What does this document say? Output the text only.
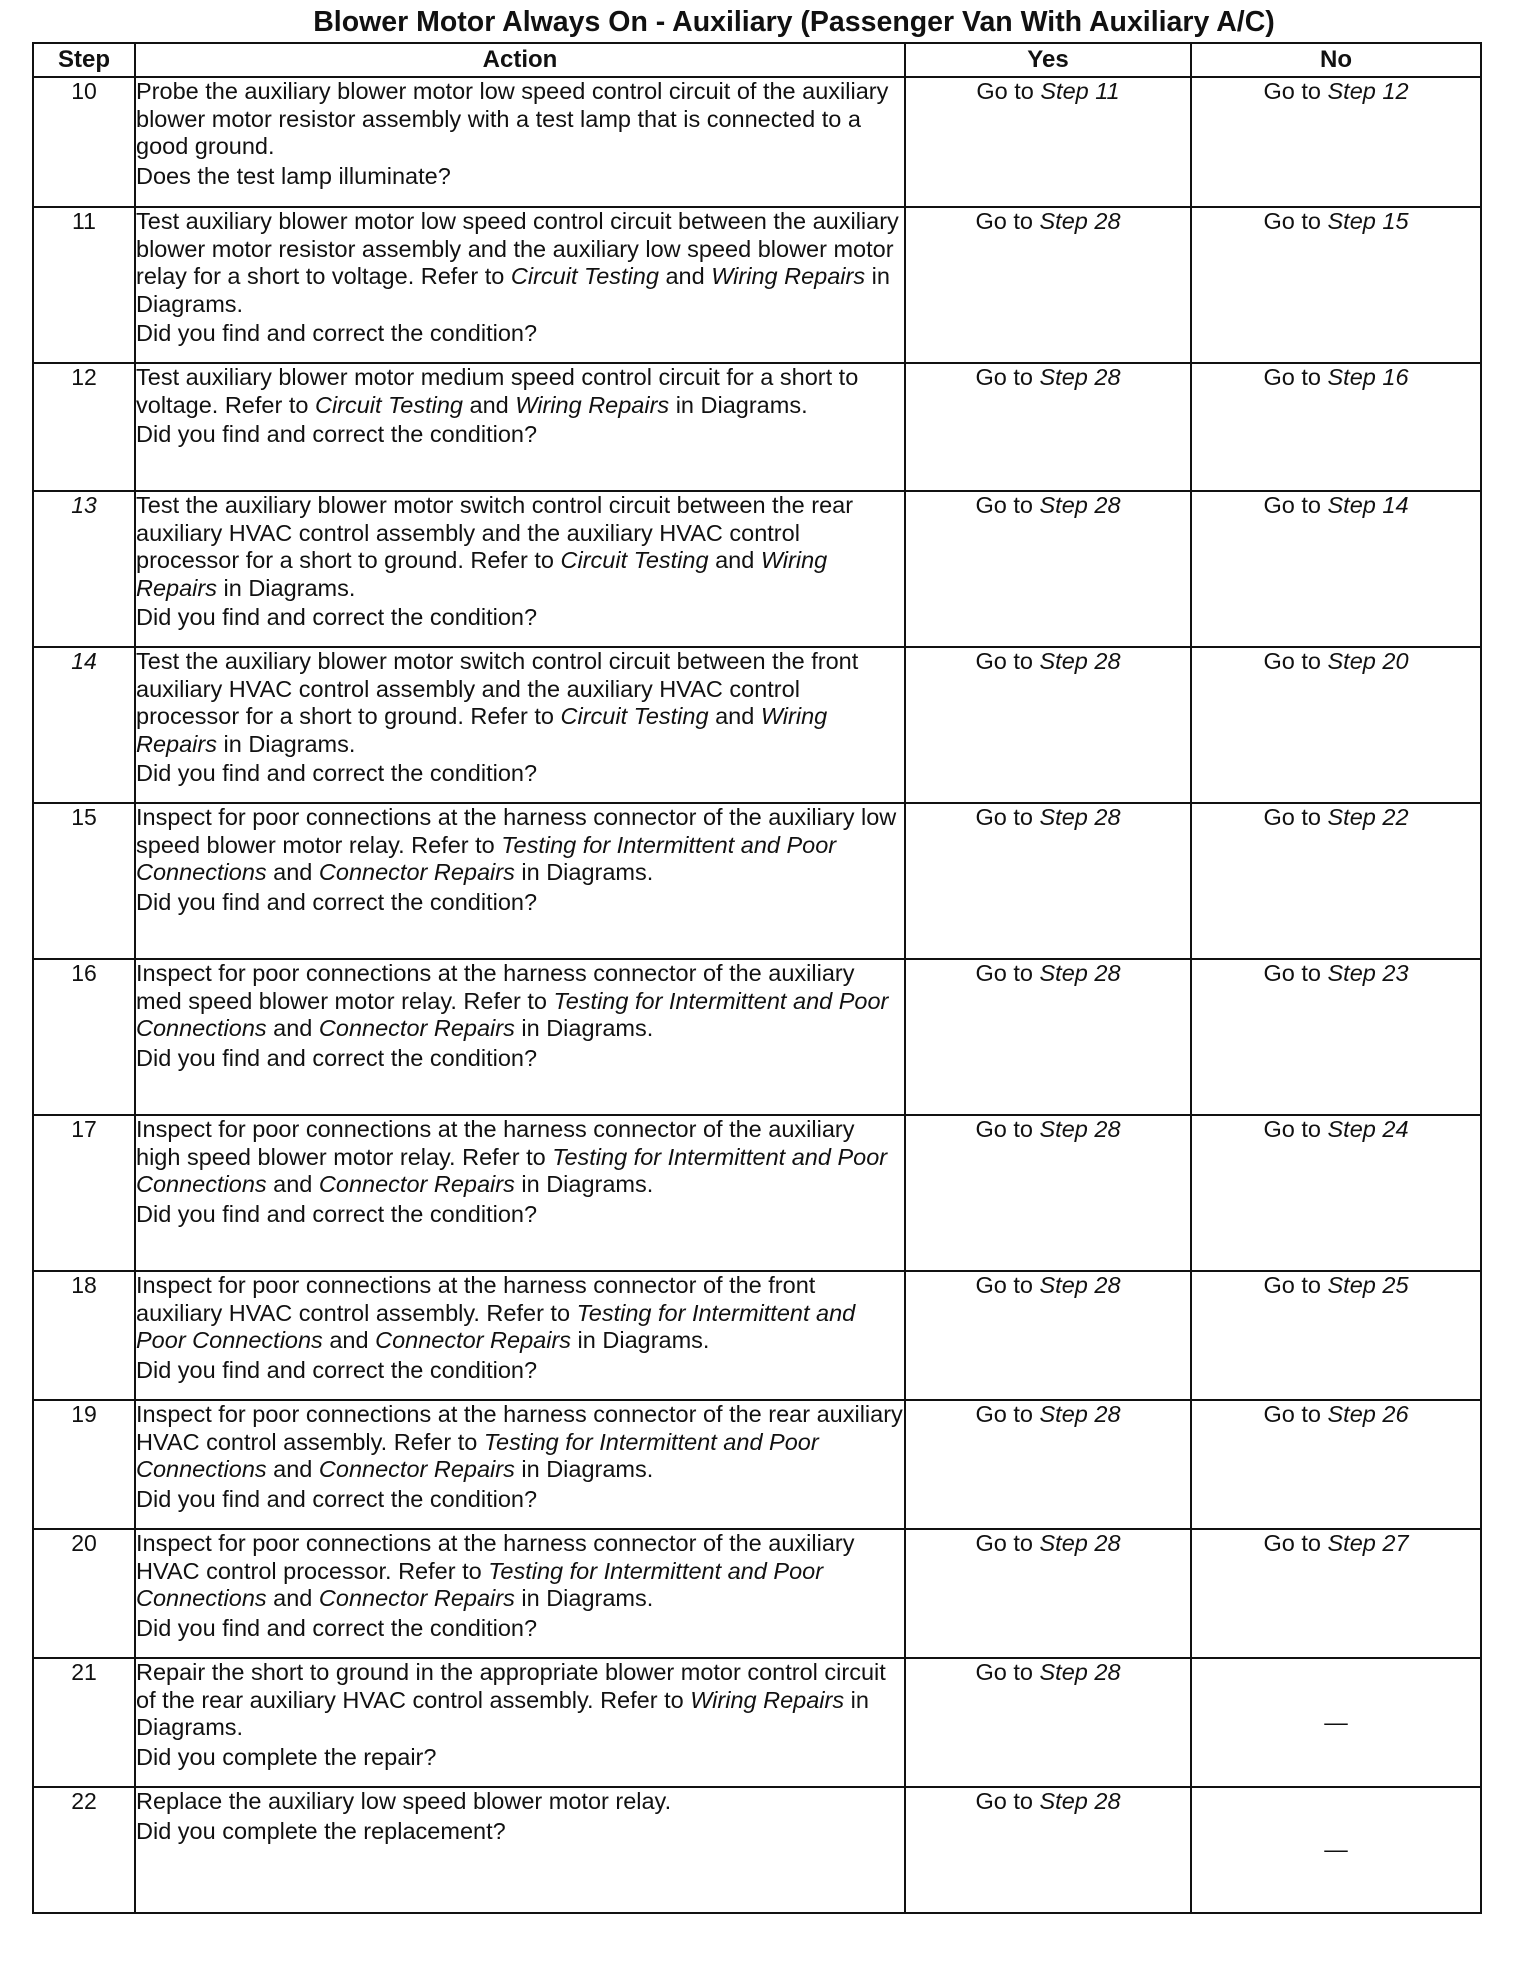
Blower Motor Always On - Auxiliary (Passenger Van With Auxiliary A/C)
Step	Action	Yes	No
10	Probe the auxiliary blower motor low speed control circuit of the auxiliary blower motor resistor assembly with a test lamp that is connected to a good ground.
Does the test lamp illuminate?	Go to Step 11	Go to Step 12
11	Test auxiliary blower motor low speed control circuit between the auxiliary blower motor resistor assembly and the auxiliary low speed blower motor relay for a short to voltage. Refer to Circuit Testing and Wiring Repairs in Diagrams.
Did you find and correct the condition?	Go to Step 28	Go to Step 15
12	Test auxiliary blower motor medium speed control circuit for a short to voltage. Refer to Circuit Testing and Wiring Repairs in Diagrams.
Did you find and correct the condition?	Go to Step 28	Go to Step 16
13	Test the auxiliary blower motor switch control circuit between the rear auxiliary HVAC control assembly and the auxiliary HVAC control processor for a short to ground. Refer to Circuit Testing and Wiring Repairs in Diagrams.
Did you find and correct the condition?	Go to Step 28	Go to Step 14
14	Test the auxiliary blower motor switch control circuit between the front auxiliary HVAC control assembly and the auxiliary HVAC control processor for a short to ground. Refer to Circuit Testing and Wiring Repairs in Diagrams.
Did you find and correct the condition?	Go to Step 28	Go to Step 20
15	Inspect for poor connections at the harness connector of the auxiliary low speed blower motor relay. Refer to Testing for Intermittent and Poor Connections and Connector Repairs in Diagrams.
Did you find and correct the condition?	Go to Step 28	Go to Step 22
16	Inspect for poor connections at the harness connector of the auxiliary med speed blower motor relay. Refer to Testing for Intermittent and Poor Connections and Connector Repairs in Diagrams.
Did you find and correct the condition?	Go to Step 28	Go to Step 23
17	Inspect for poor connections at the harness connector of the auxiliary high speed blower motor relay. Refer to Testing for Intermittent and Poor Connections and Connector Repairs in Diagrams.
Did you find and correct the condition?	Go to Step 28	Go to Step 24
18	Inspect for poor connections at the harness connector of the front auxiliary HVAC control assembly. Refer to Testing for Intermittent and Poor Connections and Connector Repairs in Diagrams.
Did you find and correct the condition?	Go to Step 28	Go to Step 25
19	Inspect for poor connections at the harness connector of the rear auxiliary HVAC control assembly. Refer to Testing for Intermittent and Poor Connections and Connector Repairs in Diagrams.
Did you find and correct the condition?	Go to Step 28	Go to Step 26
20	Inspect for poor connections at the harness connector of the auxiliary HVAC control processor. Refer to Testing for Intermittent and Poor Connections and Connector Repairs in Diagrams.
Did you find and correct the condition?	Go to Step 28	Go to Step 27
21	Repair the short to ground in the appropriate blower motor control circuit of the rear auxiliary HVAC control assembly. Refer to Wiring Repairs in Diagrams.
Did you complete the repair?	Go to Step 28	—
22	Replace the auxiliary low speed blower motor relay.
Did you complete the replacement?	Go to Step 28	—
